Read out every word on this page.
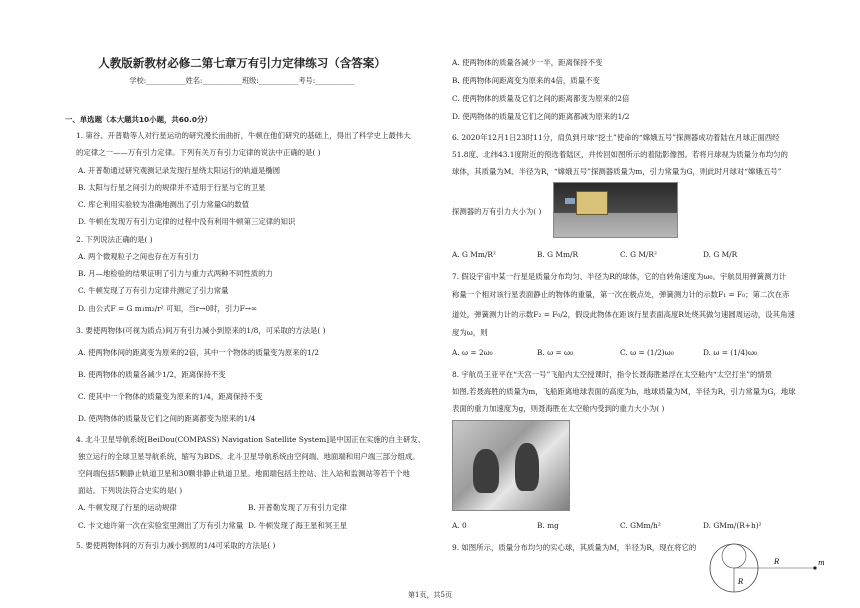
人教版新教材必修二第七章万有引力定律练习（含答案）
学校:___________姓名:___________班级:___________考号:___________
一、单选题（本大题共10小题，共60.0分）
1. 第谷、开普勒等人对行星运动的研究漫长而曲折，牛顿在他们研究的基础上，得出了科学史上最伟大
的定律之一——万有引力定律。下列有关万有引力定律的说法中正确的是( )
A. 开普勒通过研究观测记录发现行星绕太阳运行的轨道是椭圆
B. 太阳与行星之间引力的规律并不适用于行星与它的卫星
C. 库仑利用实验较为准确地测出了引力常量G的数值
D. 牛顿在发现万有引力定律的过程中没有利用牛顿第三定律的知识
2. 下列说法正确的是( )
A. 两个微观粒子之间也存在万有引力
B. 月—地检验的结果证明了引力与重力式两种不同性质的力
C. 牛顿发现了万有引力定律并测定了引力常量
D. 由公式F = G m₁m₂/r² 可知，当r→0时，引力F→∞
3. 要使两物体(可视为质点)间万有引力减小到原来的1/8，可采取的方法是( )
A. 使两物体间的距离变为原来的2倍，其中一个物体的质量变为原来的1/2
B. 使两物体的质量各减少1/2，距离保持不变
C. 使其中一个物体的质量变为原来的1/4，距离保持不变
D. 使两物体的质量及它们之间的距离都变为原来的1/4
4. 北斗卫星导航系统[BeiDou(COMPASS) Navigation Satellite System]是中国正在实施的自主研发、
独立运行的全球卫星导航系统，缩写为BDS。北斗卫星导航系统由空间端、地面端和用户端三部分组成。
空间端包括5颗静止轨道卫星和30颗非静止轨道卫星。地面端包括主控站、注入站和监测站等若干个地
面站。下列说法符合史实的是( )
A. 牛顿发现了行星的运动规律	B. 开普勒发现了万有引力定律
C. 卡文迪许第一次在实验室里测出了万有引力常量 D. 牛顿发现了海王星和冥王星
5. 要使两物体间的万有引力减小到原的1/4可采取的方法是( )
A. 使两物体的质量各减少一半，距离保持不变
B. 使两物体间距离变为原来的4倍，质量不变
C. 使两物体的质量及它们之间的距离都变为原来的2倍
D. 使两物体的质量及它们之间的距离都减为原来的1/2
6. 2020年12月1日23时11分，肩负到月球“挖土”使命的“嫦娥五号”探测器成功着陆在月球正面西经
51.8度、北纬43.1度附近的预选着陆区，并传回如图所示的着陆影像图。若将月球视为质量分布均匀的
球体，其质量为M、半径为R，“嫦娥五号”探测器质量为m，引力常量为G，则此时月球对“嫦娥五号”
探测器的万有引力大小为( )
A. G Mm/R²	B. G Mm/R	C. G M/R²	D. G M/R
7. 假设宇宙中某一行星是质量分布均匀、半径为R的球体，它的自转角速度为ω₀。宇航员用弹簧测力计
称量一个相对该行星表面静止的物体的重量，第一次在极点处，弹簧测力计的示数F₁ = F₀；第二次在赤
道处，弹簧测力计的示数F₂ = F₀/2，假设此物体在距该行星表面高度R处绕其做匀速圆周运动，设其角速
度为ω，则
A. ω = 2ω₀	B. ω = ω₀	C. ω = (1/2)ω₀	D. ω = (1/4)ω₀
8. 宇航员王亚平在“天宫一号”飞船内太空授课时，指令长聂海胜悬浮在太空舱内“太空打坐”的情景
如图,若聂海胜的质量为m，飞船距离地球表面的高度为h，地球质量为M，半径为R，引力常量为G，地球
表面的重力加速度为g，则聂海胜在太空舱内受到的重力大小为( )
A. 0	B. mg	C. GMm/h²	D. GMm/(R+h)²
9. 如图所示，质量分布均匀的实心球，其质量为M，半径为R，现在将它的
R
R
m
第1页，共5页
